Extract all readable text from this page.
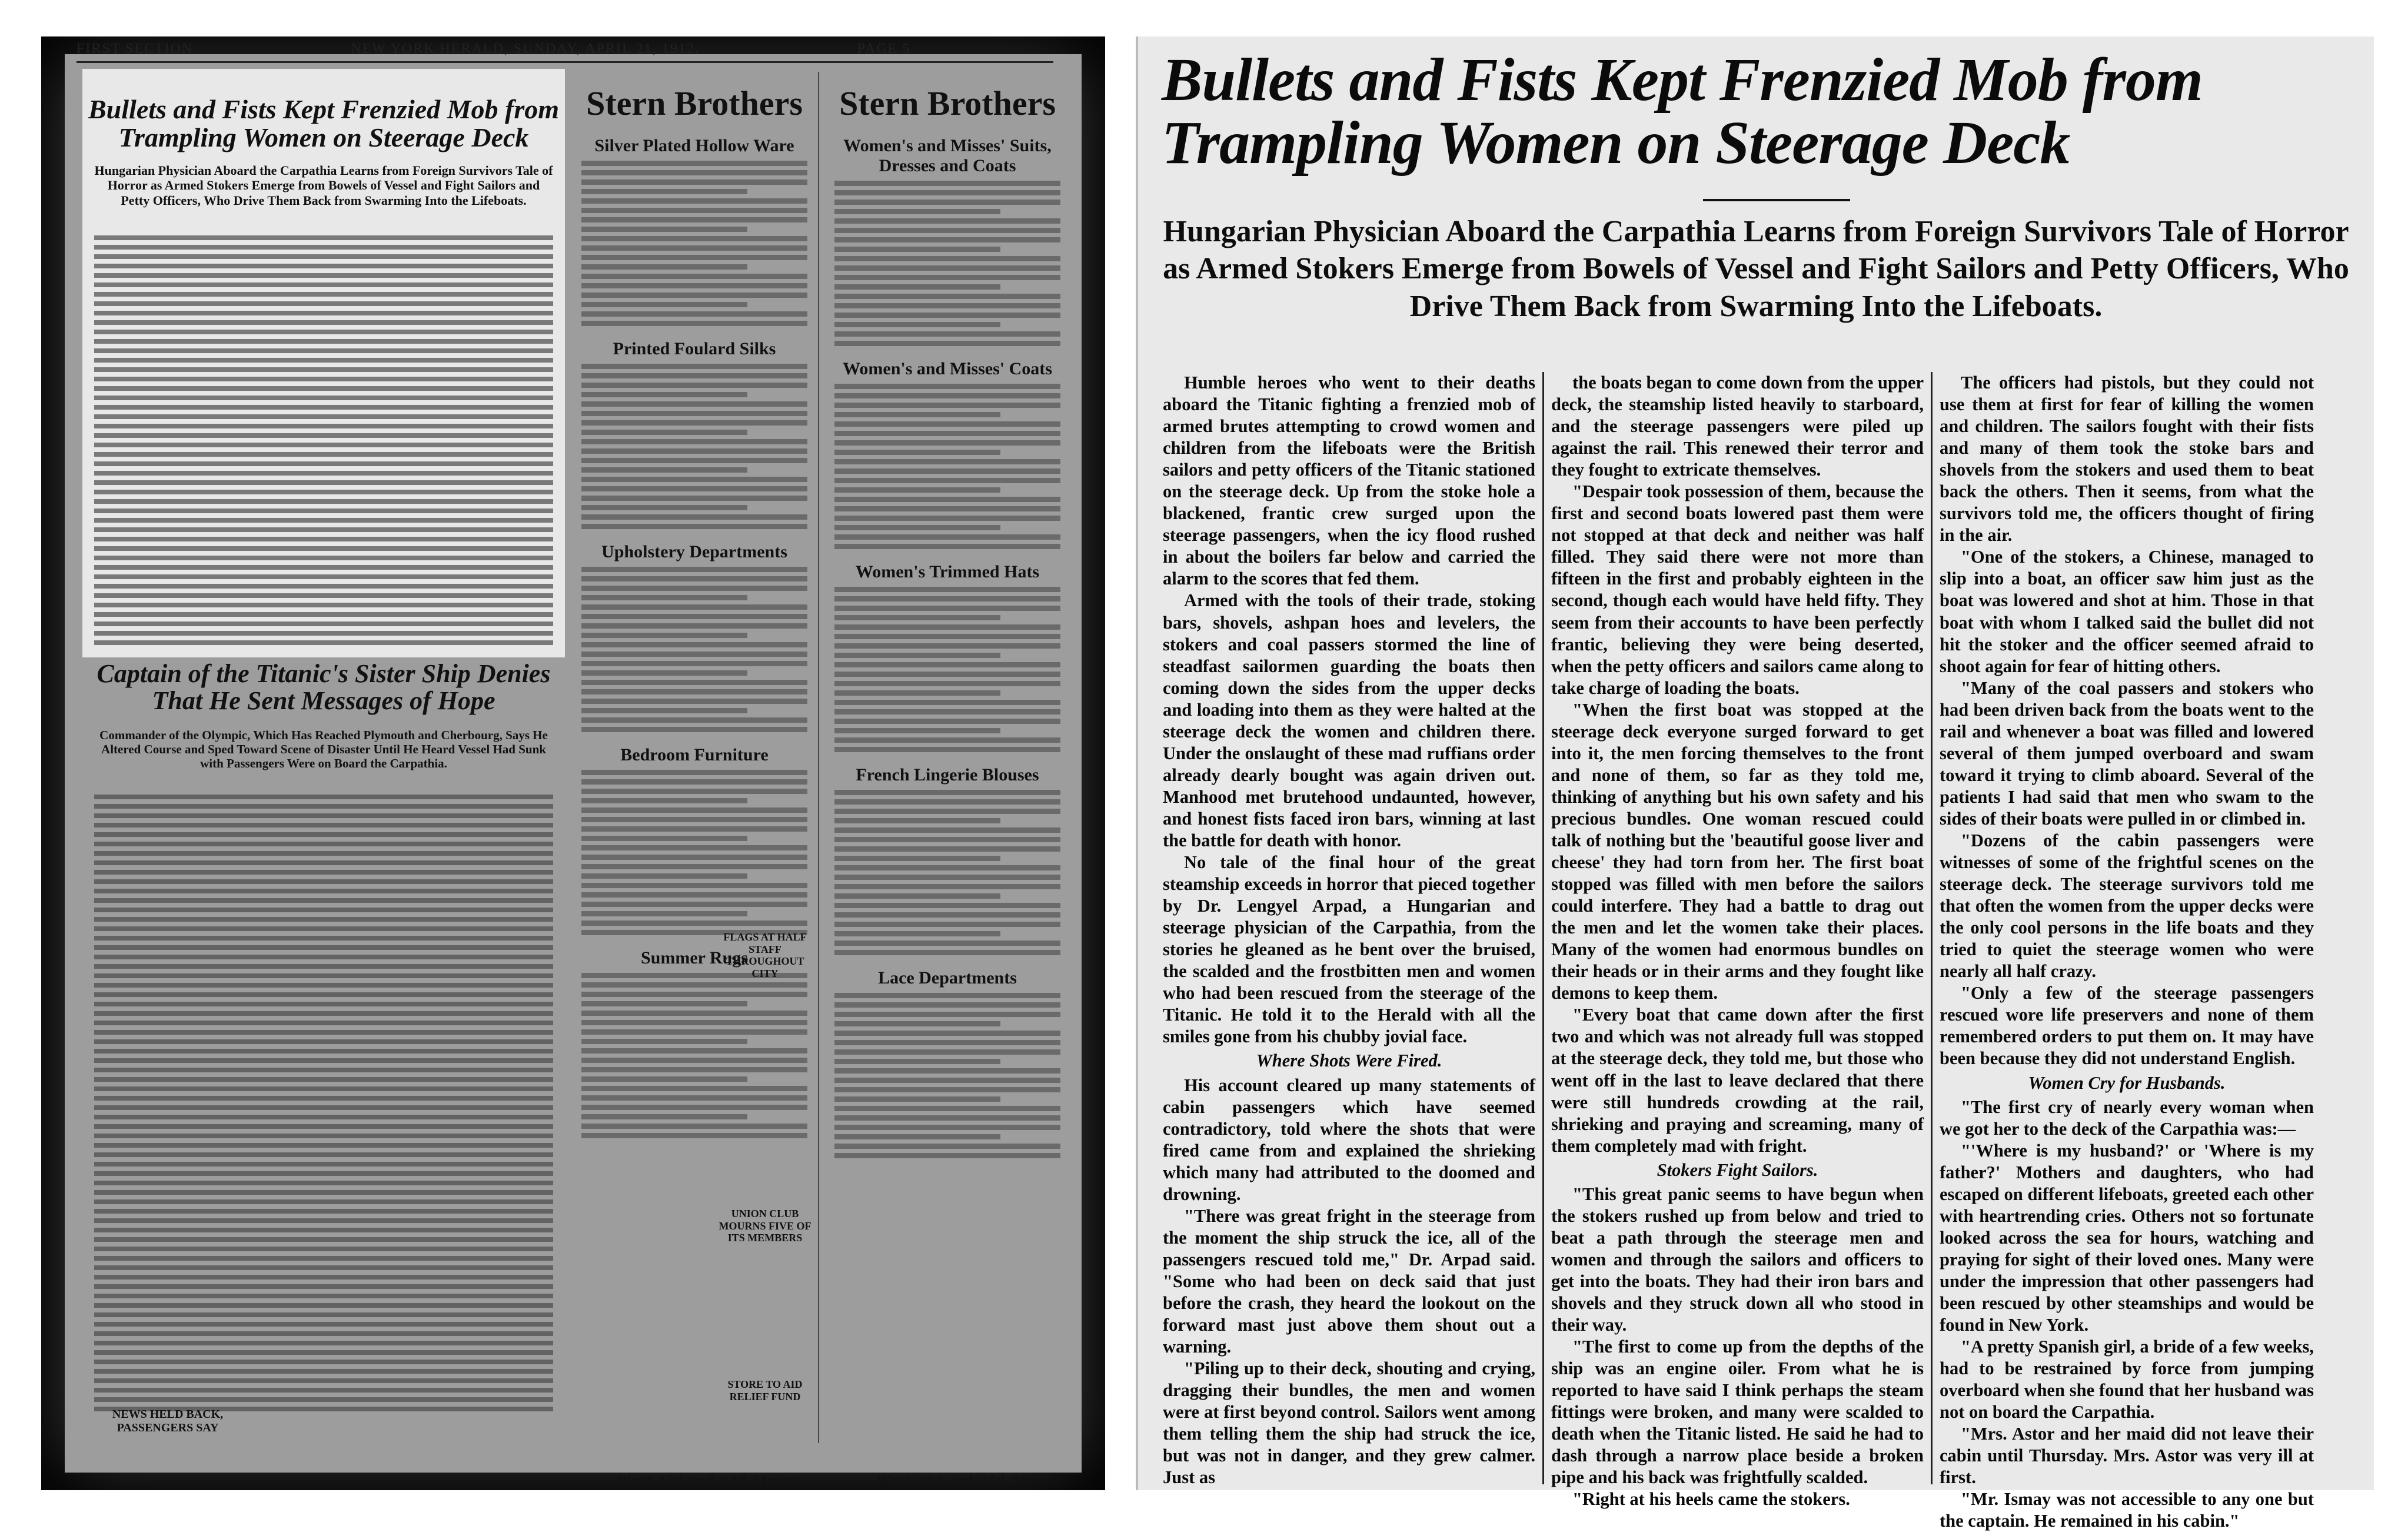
FIRST SECTION	NEW YORK HERALD, SUNDAY, APRIL 21, 1912.	PAGE 5
Bullets and Fists Kept Frenzied Mob from Trampling Women on Steerage Deck
Hungarian Physician Aboard the Carpathia Learns from Foreign Survivors Tale of Horror as Armed Stokers Emerge from Bowels of Vessel and Fight Sailors and Petty Officers, Who Drive Them Back from Swarming Into the Lifeboats.
Captain of the Titanic's Sister Ship Denies That He Sent Messages of Hope
Commander of the Olympic, Which Has Reached Plymouth and Cherbourg, Says He Altered Course and Sped Toward Scene of Disaster Until He Heard Vessel Had Sunk with Passengers Were on Board the Carpathia.
NEWS HELD BACK, PASSENGERS SAY
Stern Brothers
Silver Plated Hollow Ware
Printed Foulard Silks
Upholstery Departments
Bedroom Furniture
Summer Rugs
Stern Brothers
Women's and Misses' Suits, Dresses and Coats
Women's and Misses' Coats
Women's Trimmed Hats
French Lingerie Blouses
Lace Departments
West 23d and 23d Streets	West 23d and 23d Streets
FLAGS AT HALF STAFF THROUGHOUT CITY
UNION CLUB MOURNS FIVE OF ITS MEMBERS
STORE TO AID RELIEF FUND
Bullets and Fists Kept Frenzied Mob from Trampling Women on Steerage Deck
Hungarian Physician Aboard the Carpathia Learns from Foreign Survivors Tale of Horror as Armed Stokers Emerge from Bowels of Vessel and Fight Sailors and Petty Officers, Who Drive Them Back from Swarming Into the Lifeboats.

Humble heroes who went to their deaths aboard the Titanic fighting a frenzied mob of armed brutes attempting to crowd women and children from the lifeboats were the British sailors and petty officers of the Titanic stationed on the steerage deck. Up from the stoke hole a blackened, frantic crew surged upon the steerage passengers, when the icy flood rushed in about the boilers far below and carried the alarm to the scores that fed them.

Armed with the tools of their trade, stoking bars, shovels, ashpan hoes and levelers, the stokers and coal passers stormed the line of steadfast sailormen guarding the boats then coming down the sides from the upper decks and loading into them as they were halted at the steerage deck the women and children there. Under the onslaught of these mad ruffians order already dearly bought was again driven out. Manhood met brutehood undaunted, however, and honest fists faced iron bars, winning at last the battle for death with honor.

No tale of the final hour of the great steamship exceeds in horror that pieced together by Dr. Lengyel Arpad, a Hungarian and steerage physician of the Carpathia, from the stories he gleaned as he bent over the bruised, the scalded and the frostbitten men and women who had been rescued from the steerage of the Titanic. He told it to the Herald with all the smiles gone from his chubby jovial face.

Where Shots Were Fired.

His account cleared up many statements of cabin passengers which have seemed contradictory, told where the shots that were fired came from and explained the shrieking which many had attributed to the doomed and drowning.

"There was great fright in the steerage from the moment the ship struck the ice, all of the passengers rescued told me," Dr. Arpad said. "Some who had been on deck said that just before the crash, they heard the lookout on the forward mast just above them shout out a warning.

"Piling up to their deck, shouting and crying, dragging their bundles, the men and women were at first beyond control. Sailors went among them telling them the ship had struck the ice, but was not in danger, and they grew calmer. Just as

the boats began to come down from the upper deck, the steamship listed heavily to starboard, and the steerage passengers were piled up against the rail. This renewed their terror and they fought to extricate themselves.

"Despair took possession of them, because the first and second boats lowered past them were not stopped at that deck and neither was half filled. They said there were not more than fifteen in the first and probably eighteen in the second, though each would have held fifty. They seem from their accounts to have been perfectly frantic, believing they were being deserted, when the petty officers and sailors came along to take charge of loading the boats.

"When the first boat was stopped at the steerage deck everyone surged forward to get into it, the men forcing themselves to the front and none of them, so far as they told me, thinking of anything but his own safety and his precious bundles. One woman rescued could talk of nothing but the 'beautiful goose liver and cheese' they had torn from her. The first boat stopped was filled with men before the sailors could interfere. They had a battle to drag out the men and let the women take their places. Many of the women had enormous bundles on their heads or in their arms and they fought like demons to keep them.

"Every boat that came down after the first two and which was not already full was stopped at the steerage deck, they told me, but those who went off in the last to leave declared that there were still hundreds crowding at the rail, shrieking and praying and screaming, many of them completely mad with fright.

Stokers Fight Sailors.

"This great panic seems to have begun when the stokers rushed up from below and tried to beat a path through the steerage men and women and through the sailors and officers to get into the boats. They had their iron bars and shovels and they struck down all who stood in their way.

"The first to come up from the depths of the ship was an engine oiler. From what he is reported to have said I think perhaps the steam fittings were broken, and many were scalded to death when the Titanic listed. He said he had to dash through a narrow place beside a broken pipe and his back was frightfully scalded.

"Right at his heels came the stokers.

The officers had pistols, but they could not use them at first for fear of killing the women and children. The sailors fought with their fists and many of them took the stoke bars and shovels from the stokers and used them to beat back the others. Then it seems, from what the survivors told me, the officers thought of firing in the air.

"One of the stokers, a Chinese, managed to slip into a boat, an officer saw him just as the boat was lowered and shot at him. Those in that boat with whom I talked said the bullet did not hit the stoker and the officer seemed afraid to shoot again for fear of hitting others.

"Many of the coal passers and stokers who had been driven back from the boats went to the rail and whenever a boat was filled and lowered several of them jumped overboard and swam toward it trying to climb aboard. Several of the patients I had said that men who swam to the sides of their boats were pulled in or climbed in.

"Dozens of the cabin passengers were witnesses of some of the frightful scenes on the steerage deck. The steerage survivors told me that often the women from the upper decks were the only cool persons in the life boats and they tried to quiet the steerage women who were nearly all half crazy.

"Only a few of the steerage passengers rescued wore life preservers and none of them remembered orders to put them on. It may have been because they did not understand English.

Women Cry for Husbands.

"The first cry of nearly every woman when we got her to the deck of the Carpathia was:—

"'Where is my husband?' or 'Where is my father?' Mothers and daughters, who had escaped on different lifeboats, greeted each other with heartrending cries. Others not so fortunate looked across the sea for hours, watching and praying for sight of their loved ones. Many were under the impression that other passengers had been rescued by other steamships and would be found in New York.

"A pretty Spanish girl, a bride of a few weeks, had to be restrained by force from jumping overboard when she found that her husband was not on board the Carpathia.

"Mrs. Astor and her maid did not leave their cabin until Thursday. Mrs. Astor was very ill at first.

"Mr. Ismay was not accessible to any one but the captain. He remained in his cabin."
